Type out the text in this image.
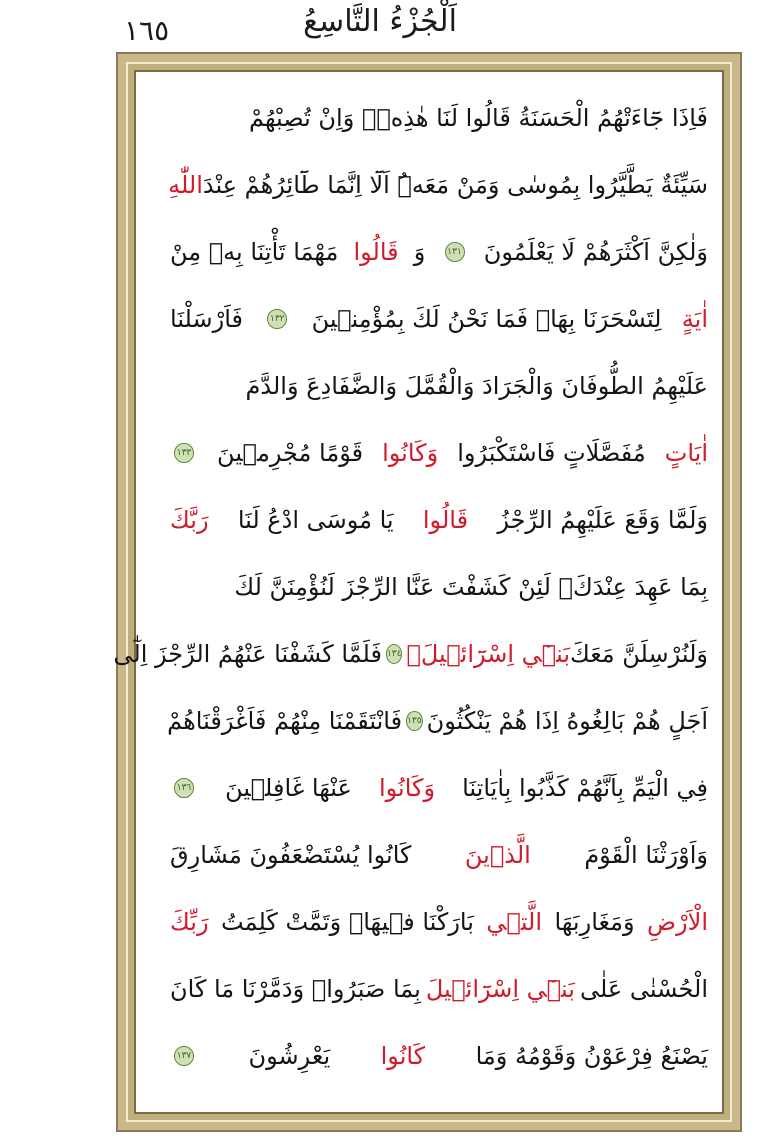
١٦٥	اَلْجُزْءُ التَّاسِعُ
فَاِذَا جَٓاءَتْهُمُ الْحَسَنَةُ قَالُوا لَنَا هٰذِهٖۚ وَاِنْ تُصِبْهُمْ
سَيِّئَةٌ يَطَّيَّرُوا بِمُوسٰى وَمَنْ مَعَهُۜ اَلَٓا اِنَّمَا طَٓائِرُهُمْ عِنْدَ
اللّٰهِ
وَلٰكِنَّ اَكْثَرَهُمْ لَا يَعْلَمُونَ
١٣١
وَ
قَالُوا
مَهْمَا تَأْتِنَا بِهٖ مِنْ
اٰيَةٍ
لِتَسْحَرَنَا بِهَاۙ فَمَا نَحْنُ لَكَ بِمُؤْمِنٖينَ
١٣٢
فَاَرْسَلْنَا
عَلَيْهِمُ الطُّوفَانَ وَالْجَرَادَ وَالْقُمَّلَ وَالضَّفَادِعَ وَالدَّمَ
اٰيَاتٍ
مُفَصَّلَاتٍ فَاسْتَكْبَرُوا
وَكَانُوا
قَوْمًا مُجْرِمٖينَ
١٣٣
وَلَمَّا وَقَعَ عَلَيْهِمُ الرِّجْزُ
قَالُوا
يَا مُوسَى ادْعُ لَنَا
رَبَّكَ
بِمَا عَهِدَ عِنْدَكَۚ لَئِنْ كَشَفْتَ عَنَّا الرِّجْزَ لَنُؤْمِنَنَّ لَكَ
وَلَنُرْسِلَنَّ مَعَكَ
بَنٖٓي اِسْرَٓائٖيلَۚ
١٣٤
فَلَمَّا كَشَفْنَا عَنْهُمُ الرِّجْزَ اِلٰٓى
اَجَلٍ هُمْ بَالِغُوهُ اِذَا هُمْ يَنْكُثُونَ
١٣٥
فَانْتَقَمْنَا مِنْهُمْ فَاَغْرَقْنَاهُمْ
فِي الْيَمِّ بِاَنَّهُمْ كَذَّبُوا بِاٰيَاتِنَا
وَكَانُوا
عَنْهَا غَافِلٖينَ
١٣٦
وَاَوْرَثْنَا الْقَوْمَ
الَّذٖينَ
كَانُوا يُسْتَضْعَفُونَ مَشَارِقَ
الْاَرْضِ
وَمَغَارِبَهَا
الَّتٖي
بَارَكْنَا فٖيهَاۜ وَتَمَّتْ كَلِمَتُ
رَبِّكَ
الْحُسْنٰى عَلٰى
بَنٖٓي اِسْرَٓائٖيلَ
بِمَا صَبَرُواۜ وَدَمَّرْنَا مَا كَانَ
يَصْنَعُ فِرْعَوْنُ وَقَوْمُهُ وَمَا
كَانُوا
يَعْرِشُونَ
١٣٧
